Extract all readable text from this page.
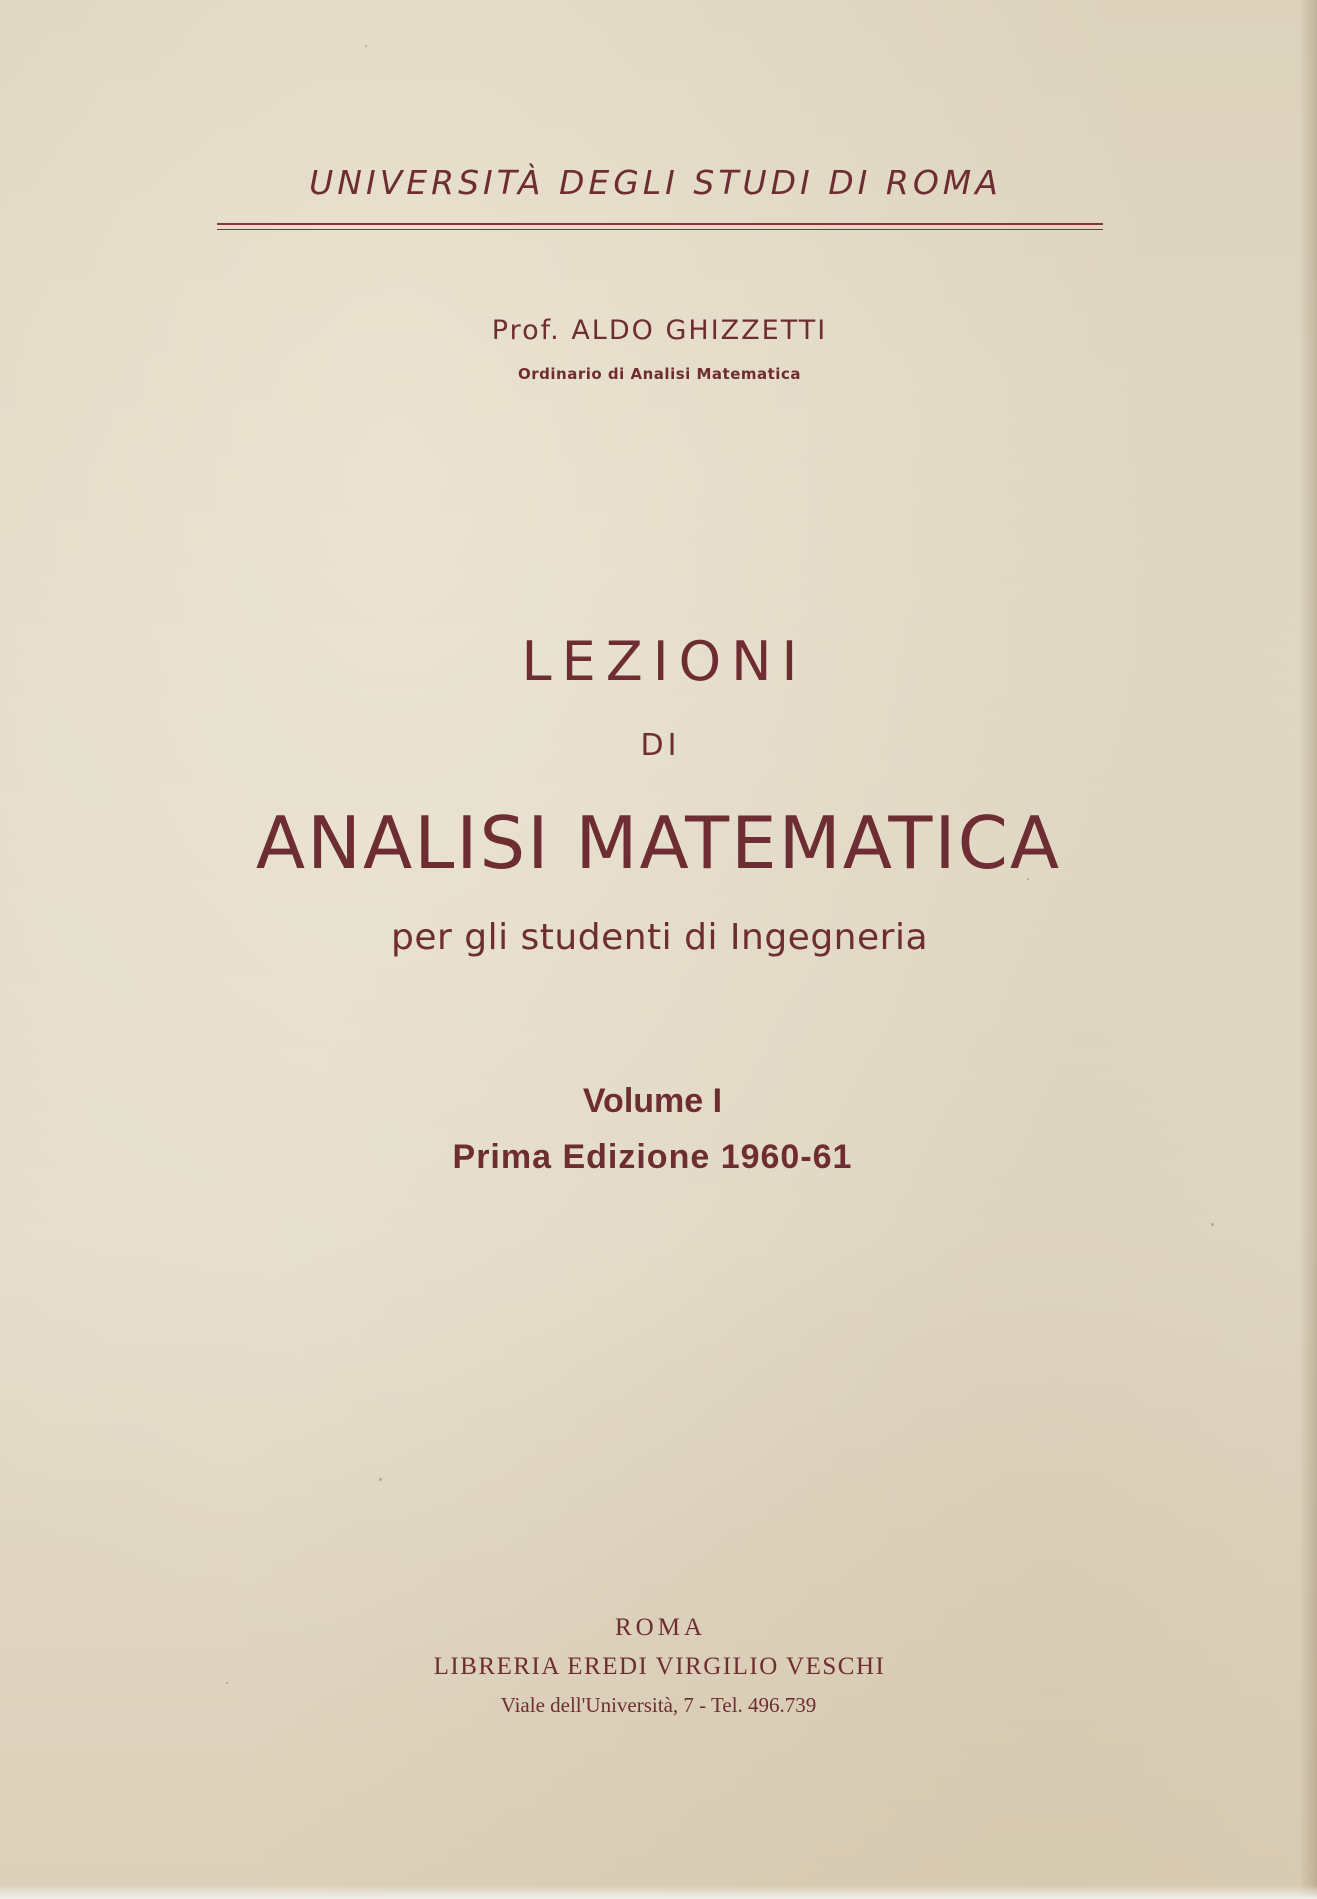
UNIVERSITÀ DEGLI STUDI DI ROMA
Prof. ALDO GHIZZETTI
Ordinario di Analisi Matematica
LEZIONI
DI
ANALISI MATEMATICA
per gli studenti di Ingegneria
Volume I
Prima Edizione 1960-61
ROMA
LIBRERIA EREDI VIRGILIO VESCHI
Viale dell'Università, 7 - Tel. 496.739
